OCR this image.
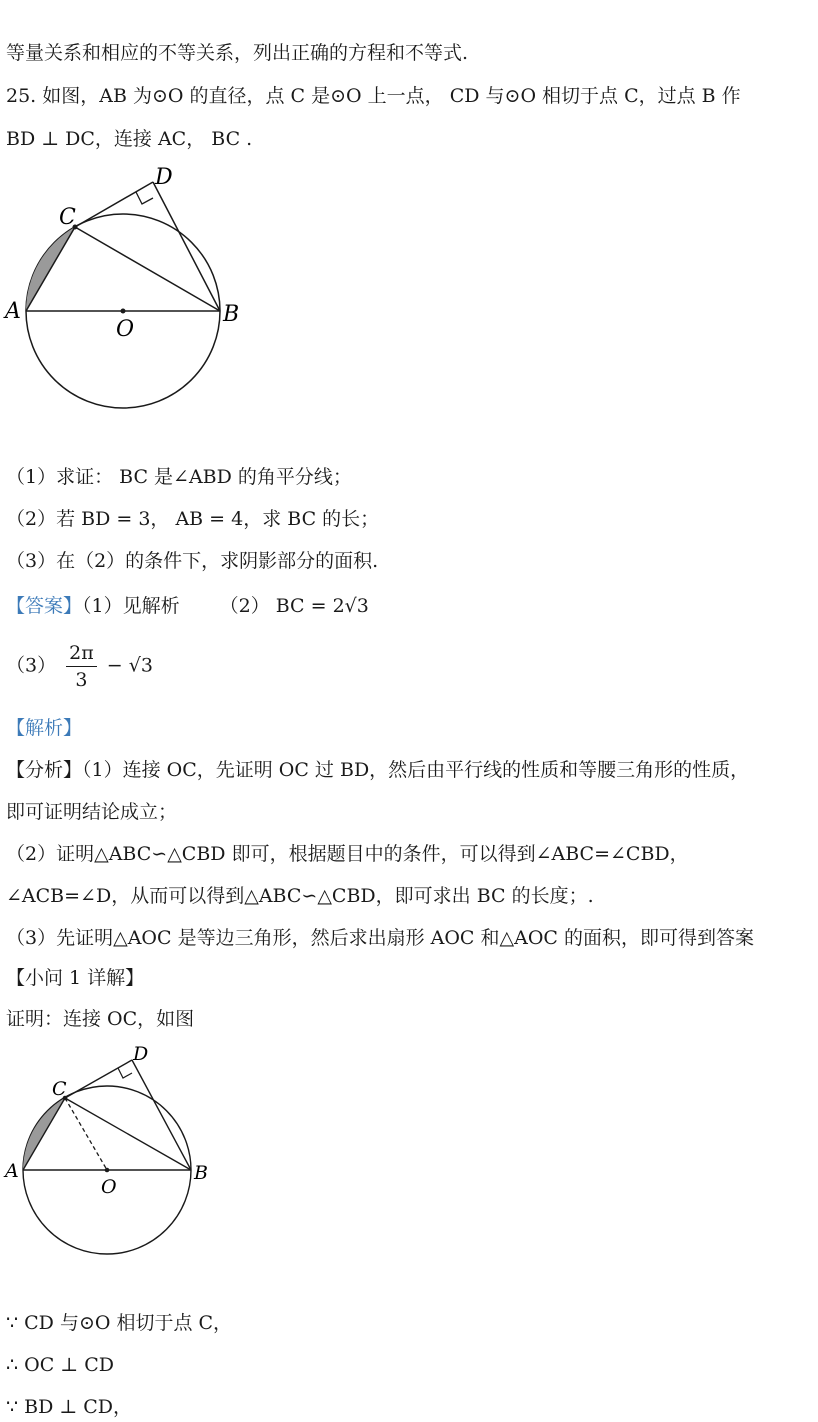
等量关系和相应的不等关系，列出正确的方程和不等式.
25. 如图，AB 为⊙O 的直径，点 C 是⊙O 上一点， CD 与⊙O 相切于点 C，过点 B 作
BD ⊥ DC，连接 AC， BC .
A	B
C
D
O
（1）求证： BC 是∠ABD 的角平分线；
（2）若 BD = 3， AB = 4，求 BC 的长；
（3）在（2）的条件下，求阴影部分的面积.
【答案】（1）见解析 （2） BC = 2√3
$(3) \frac{2\pi}{3} - √3$
【解析】
【分析】（1）连接 OC，先证明 OC 过 BD，然后由平行线的性质和等腰三角形的性质，
即可证明结论成立；
（2）证明△ABC∽△CBD 即可，根据题目中的条件，可以得到∠ABC=∠CBD，
∠ACB=∠D，从而可以得到△ABC∽△CBD，即可求出 BC 的长度；.
（3）先证明△AOC 是等边三角形，然后求出扇形 AOC 和△AOC 的面积，即可得到答案
【小问 1 详解】
证明：连接 OC，如图
A	B
C
D
O
∵ CD 与⊙O 相切于点 C，
∴ OC ⊥ CD
∵ BD ⊥ CD，
